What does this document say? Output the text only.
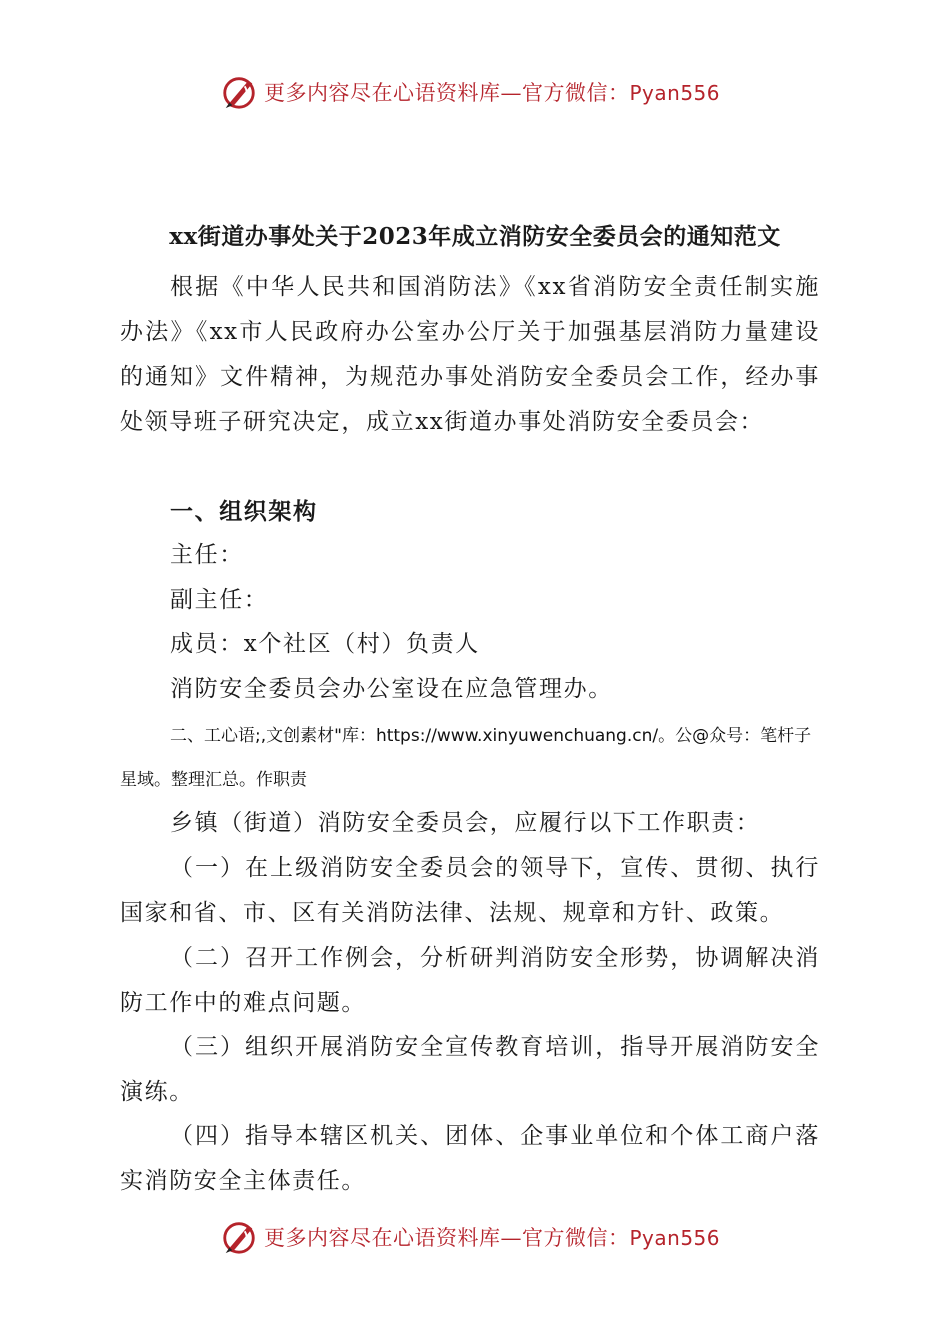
更多内容尽在心语资料库—官方微信：Pyan556
xx街道办事处关于2023年成立消防安全委员会的通知范文
根据《中华人民共和国消防法》《xx省消防安全责任制实施办法》《xx市人民政府办公室办公厅关于加强基层消防力量建设的通知》文件精神，为规范办事处消防安全委员会工作，经办事处领导班子研究决定，成立xx街道办事处消防安全委员会：
一、组织架构
主任：
副主任：
成员：x个社区（村）负责人
消防安全委员会办公室设在应急管理办。
二、工心语;,文创素材"库：https://www.xinyuwenchuang.cn/。公@众号：笔杆子星域。整理汇总。作职责
乡镇（街道）消防安全委员会，应履行以下工作职责：
（一）在上级消防安全委员会的领导下，宣传、贯彻、执行国家和省、市、区有关消防法律、法规、规章和方针、政策。
（二）召开工作例会，分析研判消防安全形势，协调解决消防工作中的难点问题。
（三）组织开展消防安全宣传教育培训，指导开展消防安全演练。
（四）指导本辖区机关、团体、企事业单位和个体工商户落实消防安全主体责任。
更多内容尽在心语资料库—官方微信：Pyan556
